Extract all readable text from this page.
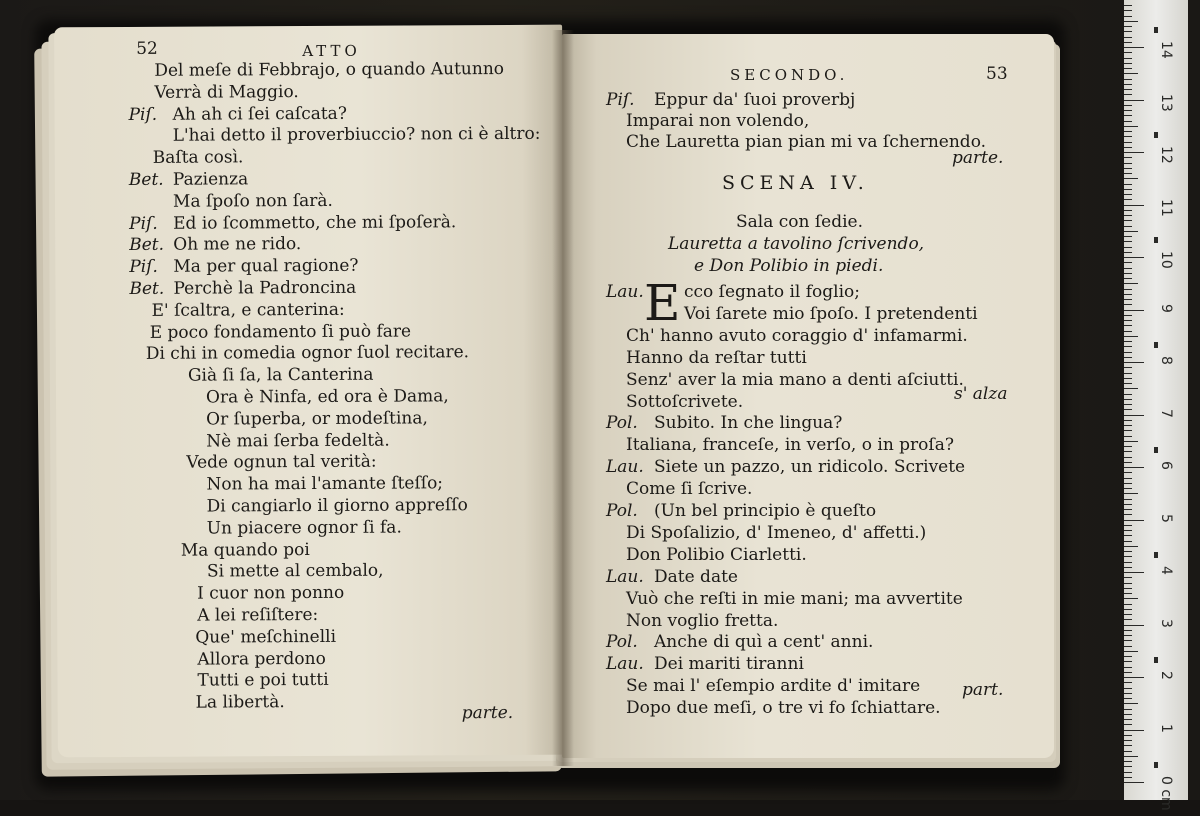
52	ATTO
Del meſe di Febbrajo, o quando Autunno
Verrà di Maggio.
Piſ. Ah ah ci ſei caſcata?
L'hai detto il proverbiuccio? non ci è altro:
Baſta così.
Bet. Pazienza
Ma ſpoſo non ſarà.
Piſ. Ed io ſcommetto, che mi ſpoſerà.
Bet. Oh me ne rido.
Piſ. Ma per qual ragione?
Bet. Perchè la Padroncina
E' ſcaltra, e canterina:
E poco fondamento ſi può fare
Di chi in comedia ognor ſuol recitare.
Già ſi ſa, la Canterina
Ora è Ninfa, ed ora è Dama,
Or ſuperba, or modeſtina,
Nè mai ſerba fedeltà.
Vede ognun tal verità:
Non ha mai l'amante ſteſſo;
Di cangiarlo il giorno appreſſo
Un piacere ognor ſi fa.
Ma quando poi
Si mette al cembalo,
I cuor non ponno
A lei reſiſtere:
Que' meſchinelli
Allora perdono
Tutti e poi tutti
La libertà.
parte.
SECONDO.	53
Piſ. Eppur da' ſuoi proverbj
Imparai non volendo,
Che Lauretta pian pian mi va ſchernendo.
parte.
SCENA IV.
Sala con ſedie.
Lauretta a tavolino ſcrivendo,
e Don Polibio in piedi.
E
Lau. cco ſegnato il foglio;
Voi ſarete mio ſpoſo. I pretendenti
Ch' hanno avuto coraggio d' infamarmi.
Hanno da reſtar tutti
Senz' aver la mia mano a denti aſciutti.
Sottoſcrivete.
Pol. Subito. In che lingua?
Italiana, franceſe, in verſo, o in proſa?
Lau. Siete un pazzo, un ridicolo. Scrivete
Come ſi ſcrive.
Pol. (Un bel principio è queſto
Di Spoſalizio, d' Imeneo, d' affetti.)
Don Polibio Ciarletti.
Lau. Date date
Vuò che reſti in mie mani; ma avvertite
Non voglio fretta.
Pol. Anche di quì a cent' anni.
Lau. Dei mariti tiranni
Se mai l' eſempio ardite d' imitare
Dopo due meſi, o tre vi fo ſchiattare.
s' alza
part.
0 cm
1
2
3
4
5
6
7
8
9
10
11
12
13
14
